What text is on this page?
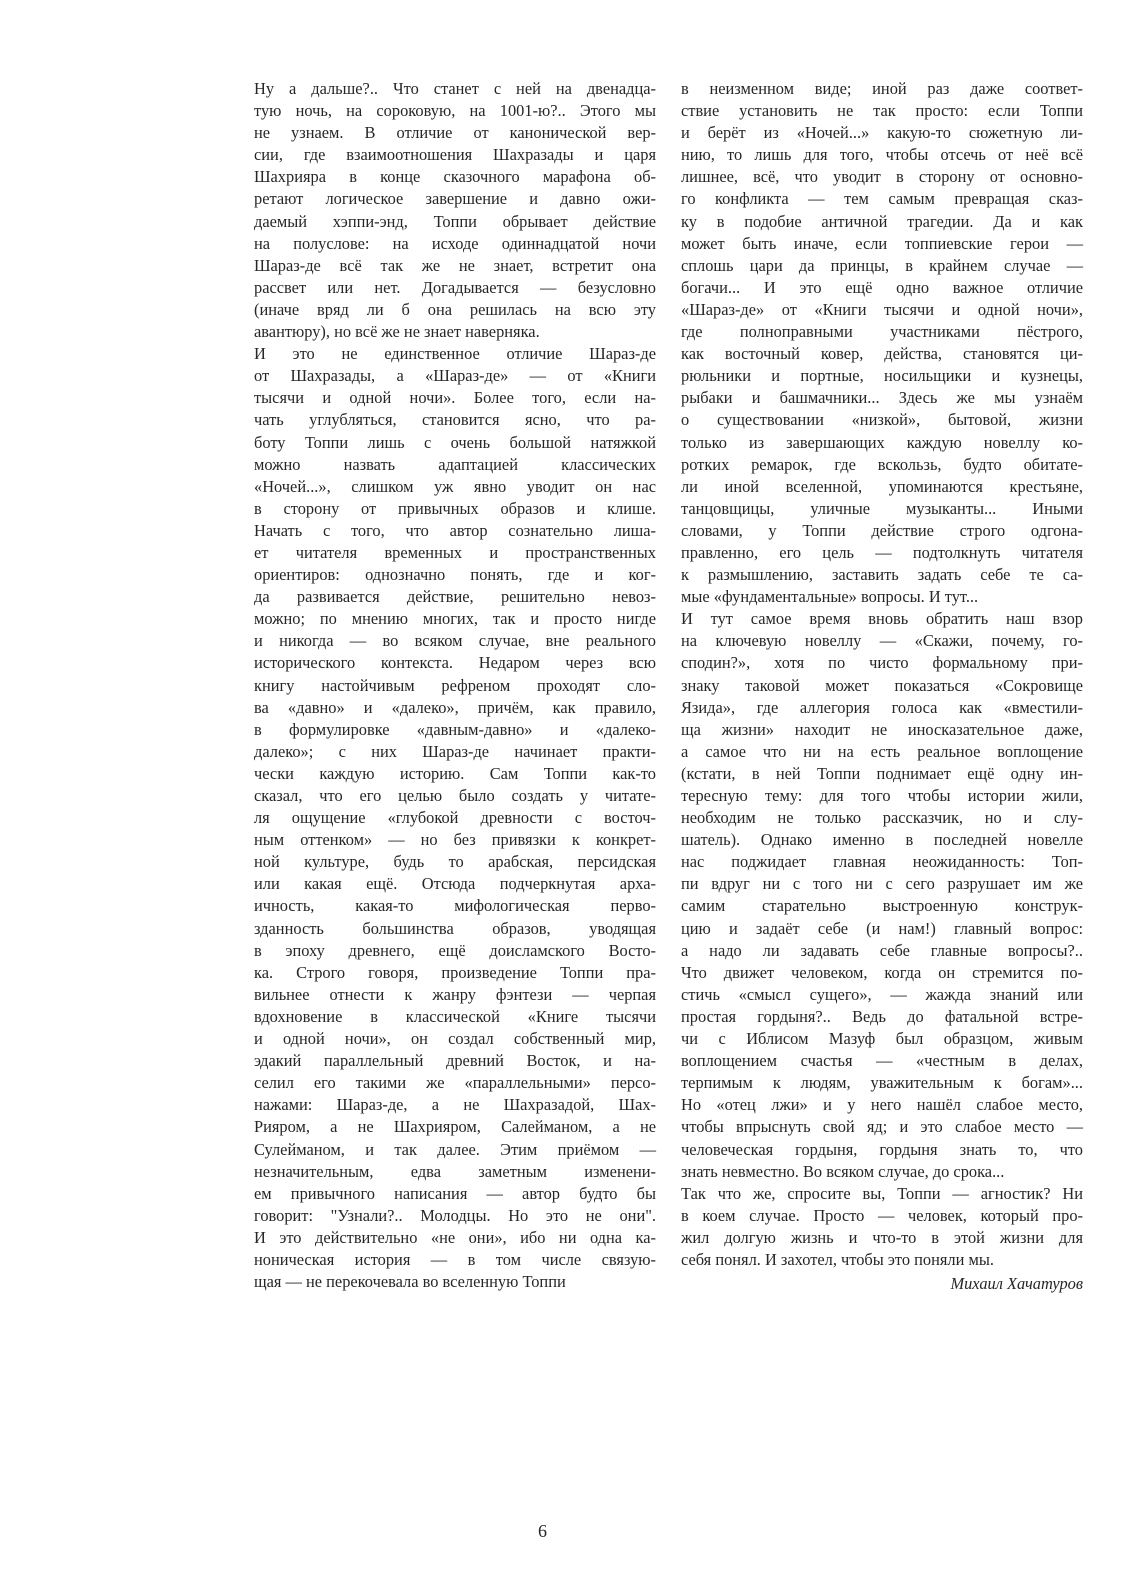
Ну а дальше?.. Что станет с ней на двенадца-
тую ночь, на сороковую, на 1001-ю?.. Этого мы
не узнаем. В отличие от канонической вер-
сии, где взаимоотношения Шахразады и царя
Шахрияра в конце сказочного марафона об-
ретают логическое завершение и давно ожи-
даемый хэппи-энд, Топпи обрывает действие
на полуслове: на исходе одиннадцатой ночи
Шараз-де всё так же не знает, встретит она
рассвет или нет. Догадывается — безусловно
(иначе вряд ли б она решилась на всю эту
авантюру), но всё же не знает наверняка.
И это не единственное отличие Шараз-де
от Шахразады, а «Шараз-де» — от «Книги
тысячи и одной ночи». Более того, если на-
чать углубляться, становится ясно, что ра-
боту Топпи лишь с очень большой натяжкой
можно назвать адаптацией классических
«Ночей...», слишком уж явно уводит он нас
в сторону от привычных образов и клише.
Начать с того, что автор сознательно лиша-
ет читателя временных и пространственных
ориентиров: однозначно понять, где и ког-
да развивается действие, решительно невоз-
можно; по мнению многих, так и просто нигде
и никогда — во всяком случае, вне реального
исторического контекста. Недаром через всю
книгу настойчивым рефреном проходят сло-
ва «давно» и «далеко», причём, как правило,
в формулировке «давным-давно» и «далеко-
далеко»; с них Шараз-де начинает практи-
чески каждую историю. Сам Топпи как-то
сказал, что его целью было создать у читате-
ля ощущение «глубокой древности с восточ-
ным оттенком» — но без привязки к конкрет-
ной культуре, будь то арабская, персидская
или какая ещё. Отсюда подчеркнутая арха-
ичность, какая-то мифологическая перво-
зданность большинства образов, уводящая
в эпоху древнего, ещё доисламского Восто-
ка. Строго говоря, произведение Топпи пра-
вильнее отнести к жанру фэнтези — черпая
вдохновение в классической «Книге тысячи
и одной ночи», он создал собственный мир,
эдакий параллельный древний Восток, и на-
селил его такими же «параллельными» персо-
нажами: Шараз-де, а не Шахразадой, Шах-
Рияром, а не Шахрияром, Салейманом, а не
Сулейманом, и так далее. Этим приёмом —
незначительным, едва заметным изменени-
ем привычного написания — автор будто бы
говорит: "Узнали?.. Молодцы. Но это не они".
И это действительно «не они», ибо ни одна ка-
ноническая история — в том числе связую-
щая — не перекочевала во вселенную Топпи
в неизменном виде; иной раз даже соответ-
ствие установить не так просто: если Топпи
и берёт из «Ночей...» какую-то сюжетную ли-
нию, то лишь для того, чтобы отсечь от неё всё
лишнее, всё, что уводит в сторону от основно-
го конфликта — тем самым превращая сказ-
ку в подобие античной трагедии. Да и как
может быть иначе, если топпиевские герои —
сплошь цари да принцы, в крайнем случае —
богачи... И это ещё одно важное отличие
«Шараз-де» от «Книги тысячи и одной ночи»,
где полноправными участниками пёстрого,
как восточный ковер, действа, становятся ци-
рюльники и портные, носильщики и кузнецы,
рыбаки и башмачники... Здесь же мы узнаём
о существовании «низкой», бытовой, жизни
только из завершающих каждую новеллу ко-
ротких ремарок, где вскользь, будто обитате-
ли иной вселенной, упоминаются крестьяне,
танцовщицы, уличные музыканты... Иными
словами, у Топпи действие строго одгона-
правленно, его цель — подтолкнуть читателя
к размышлению, заставить задать себе те са-
мые «фундаментальные» вопросы. И тут...
И тут самое время вновь обратить наш взор
на ключевую новеллу — «Скажи, почему, го-
сподин?», хотя по чисто формальному при-
знаку таковой может показаться «Сокровище
Язида», где аллегория голоса как «вместили-
ща жизни» находит не иносказательное даже,
а самое что ни на есть реальное воплощение
(кстати, в ней Топпи поднимает ещё одну ин-
тересную тему: для того чтобы истории жили,
необходим не только рассказчик, но и слу-
шатель). Однако именно в последней новелле
нас поджидает главная неожиданность: Топ-
пи вдруг ни с того ни с сего разрушает им же
самим старательно выстроенную конструк-
цию и задаёт себе (и нам!) главный вопрос:
а надо ли задавать себе главные вопросы?..
Что движет человеком, когда он стремится по-
стичь «смысл сущего», — жажда знаний или
простая гордыня?.. Ведь до фатальной встре-
чи с Иблисом Мазуф был образцом, живым
воплощением счастья — «честным в делах,
терпимым к людям, уважительным к богам»...
Но «отец лжи» и у него нашёл слабое место,
чтобы впрыснуть свой яд; и это слабое место —
человеческая гордыня, гордыня знать то, что
знать невместно. Во всяком случае, до срока...
Так что же, спросите вы, Топпи — агностик? Ни
в коем случае. Просто — человек, который про-
жил долгую жизнь и что-то в этой жизни для
себя понял. И захотел, чтобы это поняли мы.
Михаил Хачатуров
6
